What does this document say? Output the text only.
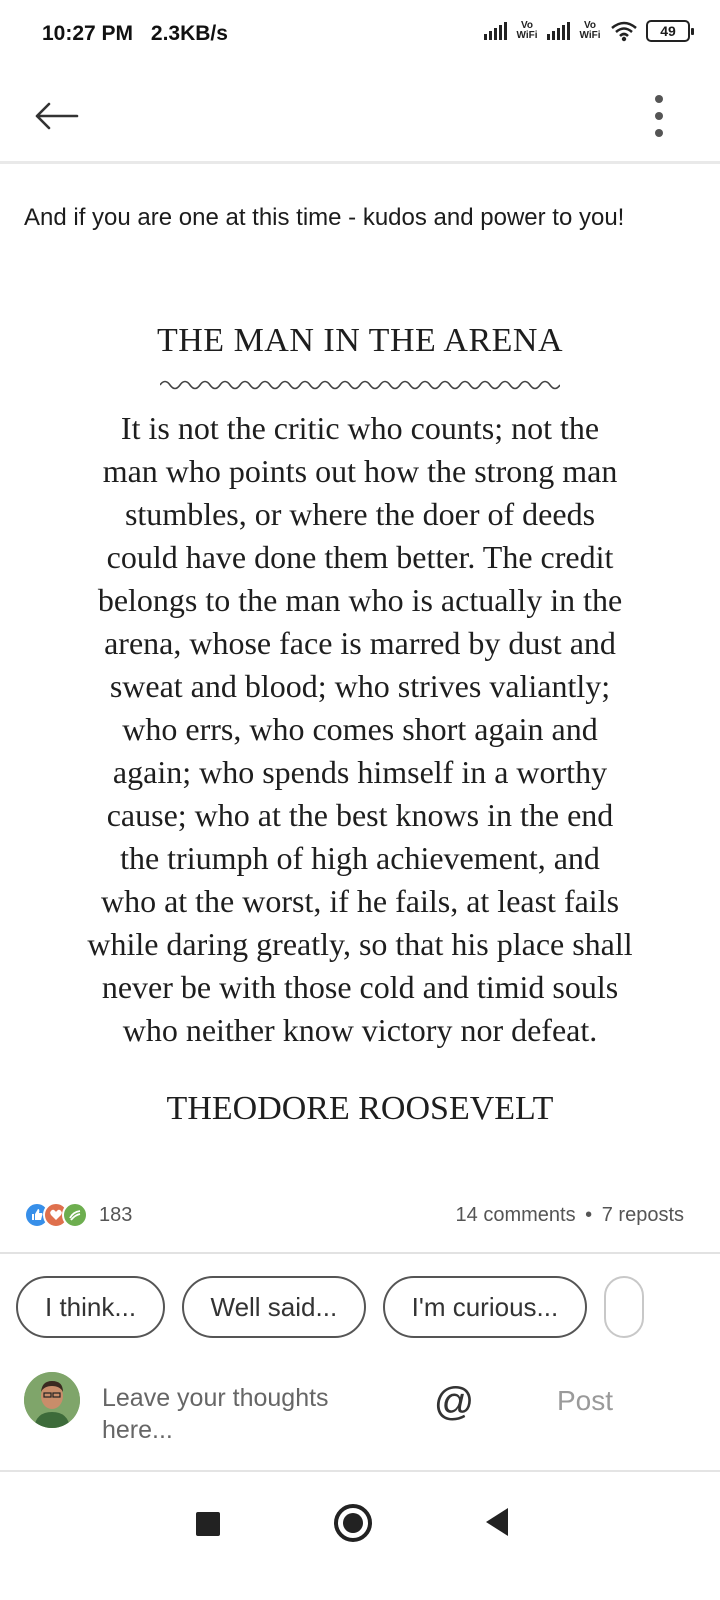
10:27 PM 2.3KB/s	Vo
WiFi
Vo
WiFi	49
And if you are one at this time - kudos and power to you!
THE MAN IN THE ARENA
It is not the critic who counts; not the
man who points out how the strong man
stumbles, or where the doer of deeds
could have done them better. The credit
belongs to the man who is actually in the
arena, whose face is marred by dust and
sweat and blood; who strives valiantly;
who errs, who comes short again and
again; who spends himself in a worthy
cause; who at the best knows in the end
the triumph of high achievement, and
who at the worst, if he fails, at least fails
while daring greatly, so that his place shall
never be with those cold and timid souls
who neither know victory nor defeat.
THEODORE ROOSEVELT
183	14 comments • 7 reposts
I think...	Well said...	I'm curious...
Leave your thoughts here...
@	Post
